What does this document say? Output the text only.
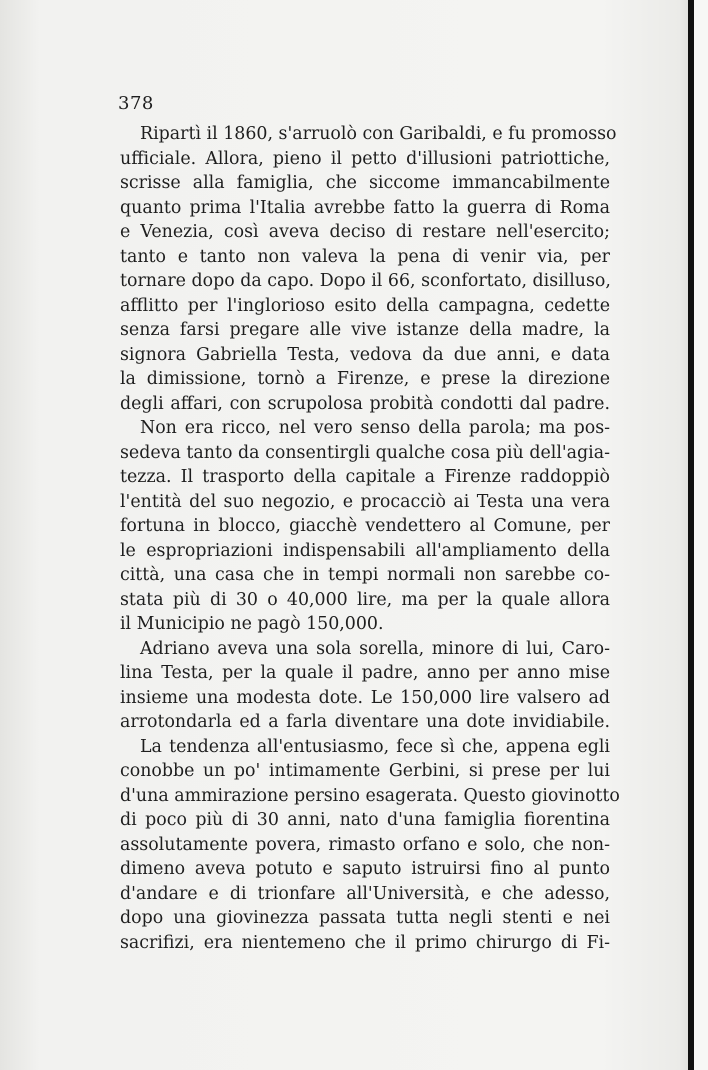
378
Ripartì il 1860, s'arruolò con Garibaldi, e fu promosso
ufficiale. Allora, pieno il petto d'illusioni patriottiche,
scrisse alla famiglia, che siccome immancabilmente
quanto prima l'Italia avrebbe fatto la guerra di Roma
e Venezia, così aveva deciso di restare nell'esercito;
tanto e tanto non valeva la pena di venir via, per
tornare dopo da capo. Dopo il 66, sconfortato, disilluso,
afflitto per l'inglorioso esito della campagna, cedette
senza farsi pregare alle vive istanze della madre, la
signora Gabriella Testa, vedova da due anni, e data
la dimissione, tornò a Firenze, e prese la direzione
degli affari, con scrupolosa probità condotti dal padre.
Non era ricco, nel vero senso della parola; ma pos-
sedeva tanto da consentirgli qualche cosa più dell'agia-
tezza. Il trasporto della capitale a Firenze raddoppiò
l'entità del suo negozio, e procacciò ai Testa una vera
fortuna in blocco, giacchè vendettero al Comune, per
le espropriazioni indispensabili all'ampliamento della
città, una casa che in tempi normali non sarebbe co-
stata più di 30 o 40,000 lire, ma per la quale allora
il Municipio ne pagò 150,000.
Adriano aveva una sola sorella, minore di lui, Caro-
lina Testa, per la quale il padre, anno per anno mise
insieme una modesta dote. Le 150,000 lire valsero ad
arrotondarla ed a farla diventare una dote invidiabile.
La tendenza all'entusiasmo, fece sì che, appena egli
conobbe un po' intimamente Gerbini, si prese per lui
d'una ammirazione persino esagerata. Questo giovinotto
di poco più di 30 anni, nato d'una famiglia fiorentina
assolutamente povera, rimasto orfano e solo, che non-
dimeno aveva potuto e saputo istruirsi fino al punto
d'andare e di trionfare all'Università, e che adesso,
dopo una giovinezza passata tutta negli stenti e nei
sacrifizi, era nientemeno che il primo chirurgo di Fi-
